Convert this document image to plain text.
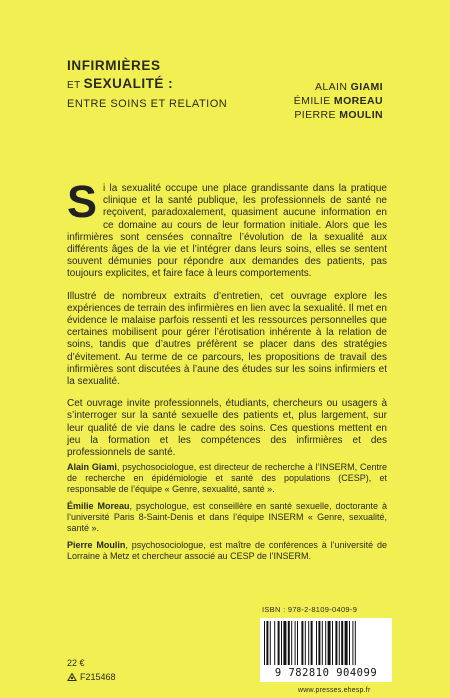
INFIRMIÈRES
ET SEXUALITÉ :
ENTRE SOINS ET RELATION
ALAIN GIAMI
ÉMILIE MOREAU
PIERRE MOULIN

Si la sexualité occupe une place grandissante dans la pratique clinique et la santé publique, les professionnels de santé ne reçoivent, paradoxalement, quasiment aucune information en ce domaine au cours de leur formation initiale. Alors que les infirmières sont censées connaître l’évolution de la sexualité aux différents âges de la vie et l’intégrer dans leurs soins, elles se sentent souvent démunies pour répondre aux demandes des patients, pas toujours explicites, et faire face à leurs comportements.

Illustré de nombreux extraits d’entretien, cet ouvrage explore les expériences de terrain des infirmières en lien avec la sexualité. Il met en évidence le malaise parfois ressenti et les ressources personnelles que certaines mobilisent pour gérer l’érotisation inhérente à la relation de soins, tandis que d’autres préfèrent se placer dans des stratégies d’évitement. Au terme de ce parcours, les propositions de travail des infirmières sont discutées à l’aune des études sur les soins infirmiers et la sexualité.

Cet ouvrage invite professionnels, étudiants, chercheurs ou usagers à s’interroger sur la santé sexuelle des patients et, plus largement, sur leur qualité de vie dans le cadre des soins. Ces questions mettent en jeu la formation et les compétences des infirmières et des professionnels de santé.

Alain Giami, psychosociologue, est directeur de recherche à l’INSERM, Centre de recherche en épidémiologie et santé des populations (CESP), et responsable de l’équipe « Genre, sexualité, santé ».

Émilie Moreau, psychologue, est conseillère en santé sexuelle, doctorante à l’université Paris 8-Saint-Denis et dans l’équipe INSERM « Genre, sexualité, santé ».

Pierre Moulin, psychosociologue, est maître de conférences à l’université de Lorraine à Metz et chercheur associé au CESP de l’INSERM.

ISBN : 978-2-8109-0409-9
9 782810 904099
www.presses.ehesp.fr
22 €
F215468
